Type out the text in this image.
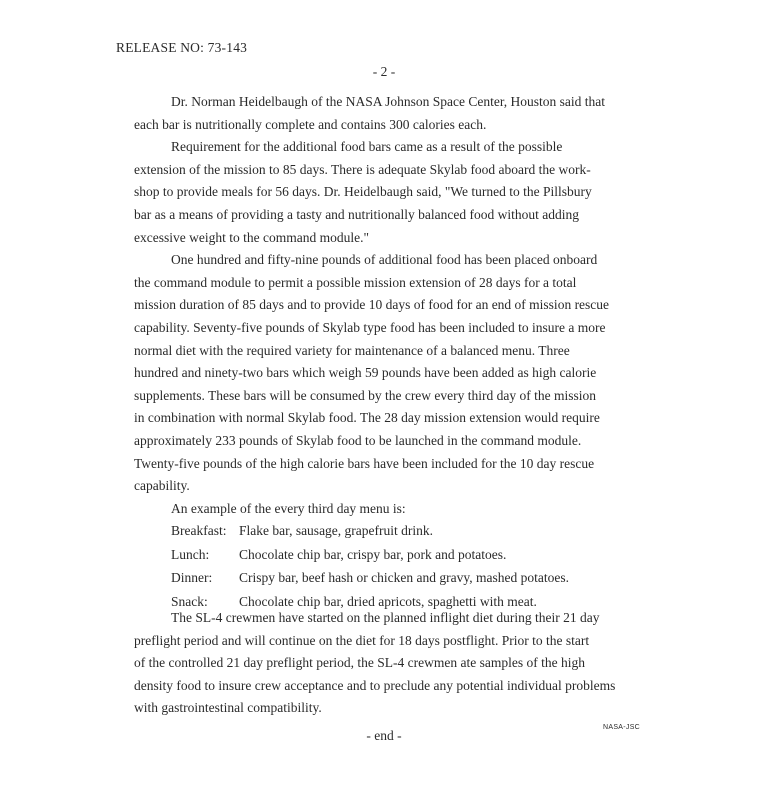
RELEASE NO: 73-143
- 2 -
Dr. Norman Heidelbaugh of the NASA Johnson Space Center, Houston said that
each bar is nutritionally complete and contains 300 calories each.
Requirement for the additional food bars came as a result of the possible
extension of the mission to 85 days. There is adequate Skylab food aboard the work-
shop to provide meals for 56 days. Dr. Heidelbaugh said, "We turned to the Pillsbury
bar as a means of providing a tasty and nutritionally balanced food without adding
excessive weight to the command module."
One hundred and fifty-nine pounds of additional food has been placed onboard
the command module to permit a possible mission extension of 28 days for a total
mission duration of 85 days and to provide 10 days of food for an end of mission rescue
capability. Seventy-five pounds of Skylab type food has been included to insure a more
normal diet with the required variety for maintenance of a balanced menu. Three
hundred and ninety-two bars which weigh 59 pounds have been added as high calorie
supplements. These bars will be consumed by the crew every third day of the mission
in combination with normal Skylab food. The 28 day mission extension would require
approximately 233 pounds of Skylab food to be launched in the command module.
Twenty-five pounds of the high calorie bars have been included for the 10 day rescue
capability.
An example of the every third day menu is:
Breakfast: Flake bar, sausage, grapefruit drink.
Lunch:	Chocolate chip bar, crispy bar, pork and potatoes.
Dinner:	Crispy bar, beef hash or chicken and gravy, mashed potatoes.
Snack:	Chocolate chip bar, dried apricots, spaghetti with meat.
The SL-4 crewmen have started on the planned inflight diet during their 21 day
preflight period and will continue on the diet for 18 days postflight. Prior to the start
of the controlled 21 day preflight period, the SL-4 crewmen ate samples of the high
density food to insure crew acceptance and to preclude any potential individual problems
with gastrointestinal compatibility.
- end -
NASA-JSC
